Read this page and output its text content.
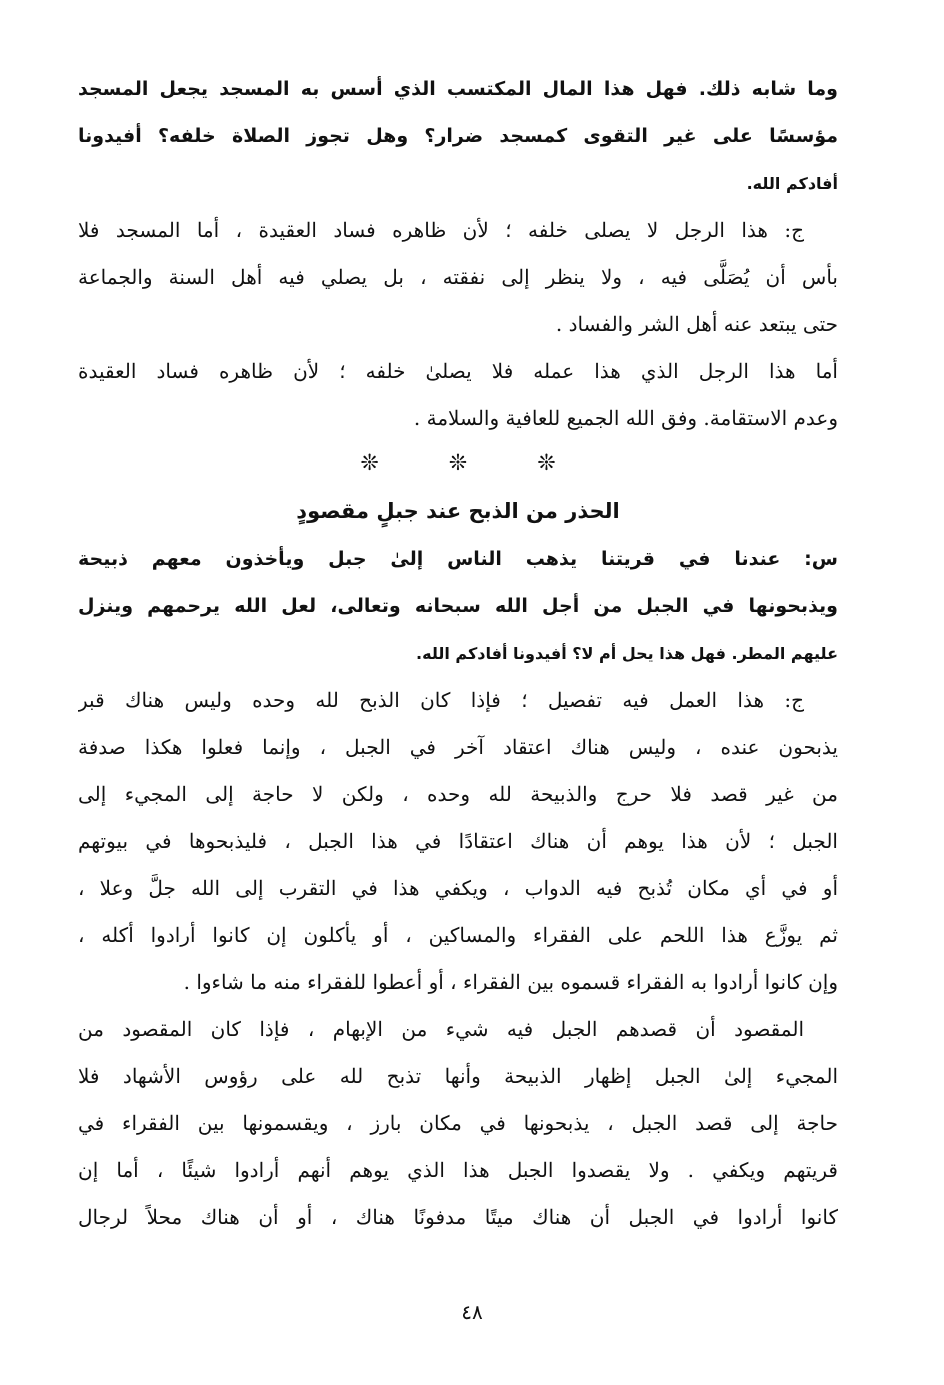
وما شابه ذلك. فهل هذا المال المكتسب الذي أسس به المسجد يجعل المسجد
مؤسسًا على غير التقوى كمسجد ضرار؟ وهل تجوز الصلاة خلفه؟ أفيدونا
أفادكم الله.
ج: هذا الرجل لا يصلى خلفه ؛ لأن ظاهره فساد العقيدة ، أما المسجد فلا
بأس أن يُصَلَّى فيه ، ولا ينظر إلى نفقته ، بل يصلي فيه أهل السنة والجماعة
حتى يبتعد عنه أهل الشر والفساد .
أما هذا الرجل الذي هذا عمله فلا يصلىٰ خلفه ؛ لأن ظاهره فساد العقيدة
وعدم الاستقامة. وفق الله الجميع للعافية والسلامة .
❊	❊	❊
الحذر من الذبح عند جبلٍ مقصودٍ
س: عندنا في قريتنا يذهب الناس إلىٰ جبل ويأخذون معهم ذبيحة
ويذبحونها في الجبل من أجل الله سبحانه وتعالى، لعل الله يرحمهم وينزل
عليهم المطر. فهل هذا يحل أم لا؟ أفيدونا أفادكم الله.
ج: هذا العمل فيه تفصيل ؛ فإذا كان الذبح لله وحده وليس هناك قبر
يذبحون عنده ، وليس هناك اعتقاد آخر في الجبل ، وإنما فعلوا هكذا صدفة
من غير قصد فلا حرج والذبيحة لله وحده ، ولكن لا حاجة إلى المجيء إلى
الجبل ؛ لأن هذا يوهم أن هناك اعتقادًا في هذا الجبل ، فليذبحوها في بيوتهم
أو في أي مكان تُذبح فيه الدواب ، ويكفي هذا في التقرب إلى الله جلَّ وعلا ،
ثم يوزَّع هذا اللحم على الفقراء والمساكين ، أو يأكلون إن كانوا أرادوا أكله ،
وإن كانوا أرادوا به الفقراء قسموه بين الفقراء ، أو أعطوا للفقراء منه ما شاءوا .
المقصود أن قصدهم الجبل فيه شيء من الإبهام ، فإذا كان المقصود من
المجيء إلىٰ الجبل إظهار الذبيحة وأنها تذبح لله على رؤوس الأشهاد فلا
حاجة إلى قصد الجبل ، يذبحونها في مكان بارز ، ويقسمونها بين الفقراء في
قريتهم ويكفي . ولا يقصدوا الجبل هذا الذي يوهم أنهم أرادوا شيئًا ، أما إن
كانوا أرادوا في الجبل أن هناك ميتًا مدفونًا هناك ، أو أن هناك محلاً لرجال
٤٨
